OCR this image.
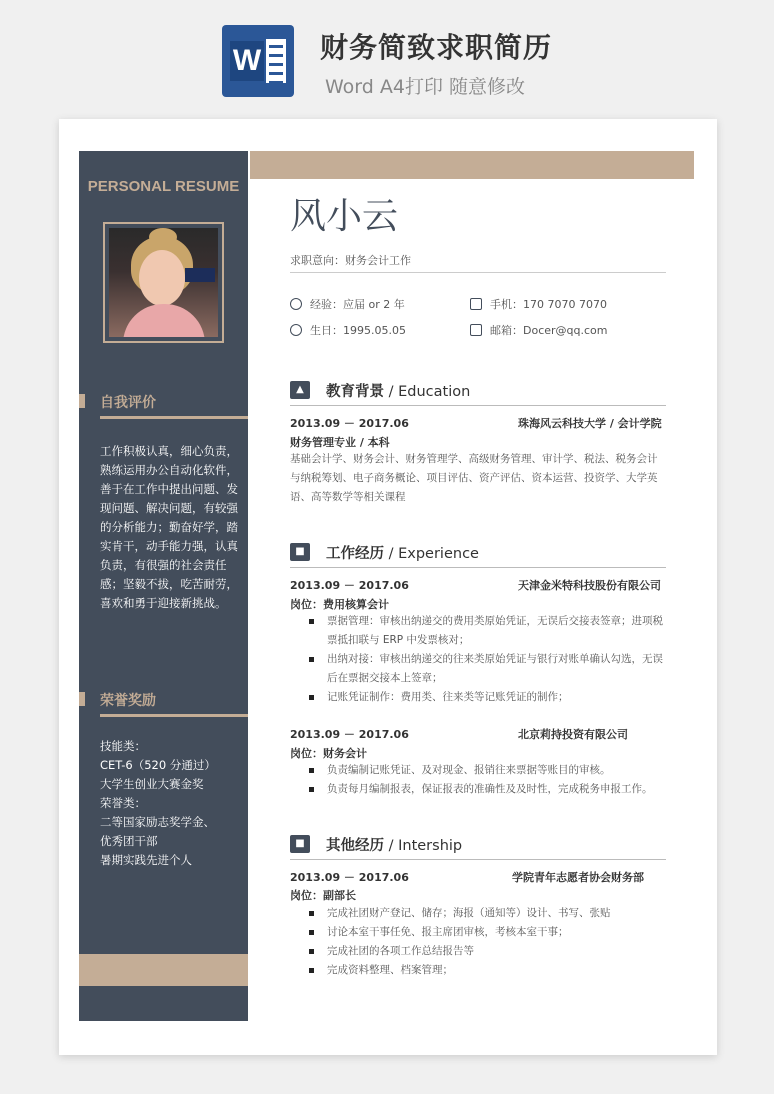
W 财务简致求职简历
Word A4打印 随意修改
PERSONAL RESUME
自我评价
工作积极认真，细心负责，
熟练运用办公自动化软件，
善于在工作中提出问题、发
现问题、解决问题，有较强
的分析能力；勤奋好学，踏
实肯干，动手能力强，认真
负责，有很强的社会责任
感；坚毅不拔，吃苦耐劳，
喜欢和勇于迎接新挑战。
荣誉奖励
技能类：
CET-6（520 分通过）
大学生创业大赛金奖
荣誉类：
二等国家励志奖学金、
优秀团干部
暑期实践先进个人
风小云
求职意向：财务会计工作
经验：应届 or 2 年	手机：170 7070 7070
生日：1995.05.05	邮箱：Docer@qq.com
▲	教育背景 / Education
2013.09 － 2017.06	珠海风云科技大学 / 会计学院
财务管理专业 / 本科
基础会计学、财务会计、财务管理学、高级财务管理、审计学、税法、税务会计
与纳税筹划、电子商务概论、项目评估、资产评估、资本运营、投资学、大学英
语、高等数学等相关课程
■	工作经历 / Experience
2013.09 － 2017.06	天津金米特科技股份有限公司
岗位：费用核算会计
票据管理：审核出纳递交的费用类原始凭证，无误后交接表签章；进项税
票抵扣联与 ERP 中发票核对；
出纳对接：审核出纳递交的往来类原始凭证与银行对账单确认勾选，无误
后在票据交接本上签章；
记账凭证制作：费用类、往来类等记账凭证的制作；
2013.09 － 2017.06	北京莉持投资有限公司
岗位：财务会计
负责编制记账凭证、及对现金、报销往来票据等账目的审核。
负责每月编制报表，保证报表的准确性及及时性，完成税务申报工作。
■	其他经历 / Intership
2013.09 － 2017.06	学院青年志愿者协会财务部
岗位：副部长
完成社团财产登记、储存；海报（通知等）设计、书写、张贴
讨论本室干事任免、报主席团审核，考核本室干事；
完成社团的各项工作总结报告等
完成资料整理、档案管理；
